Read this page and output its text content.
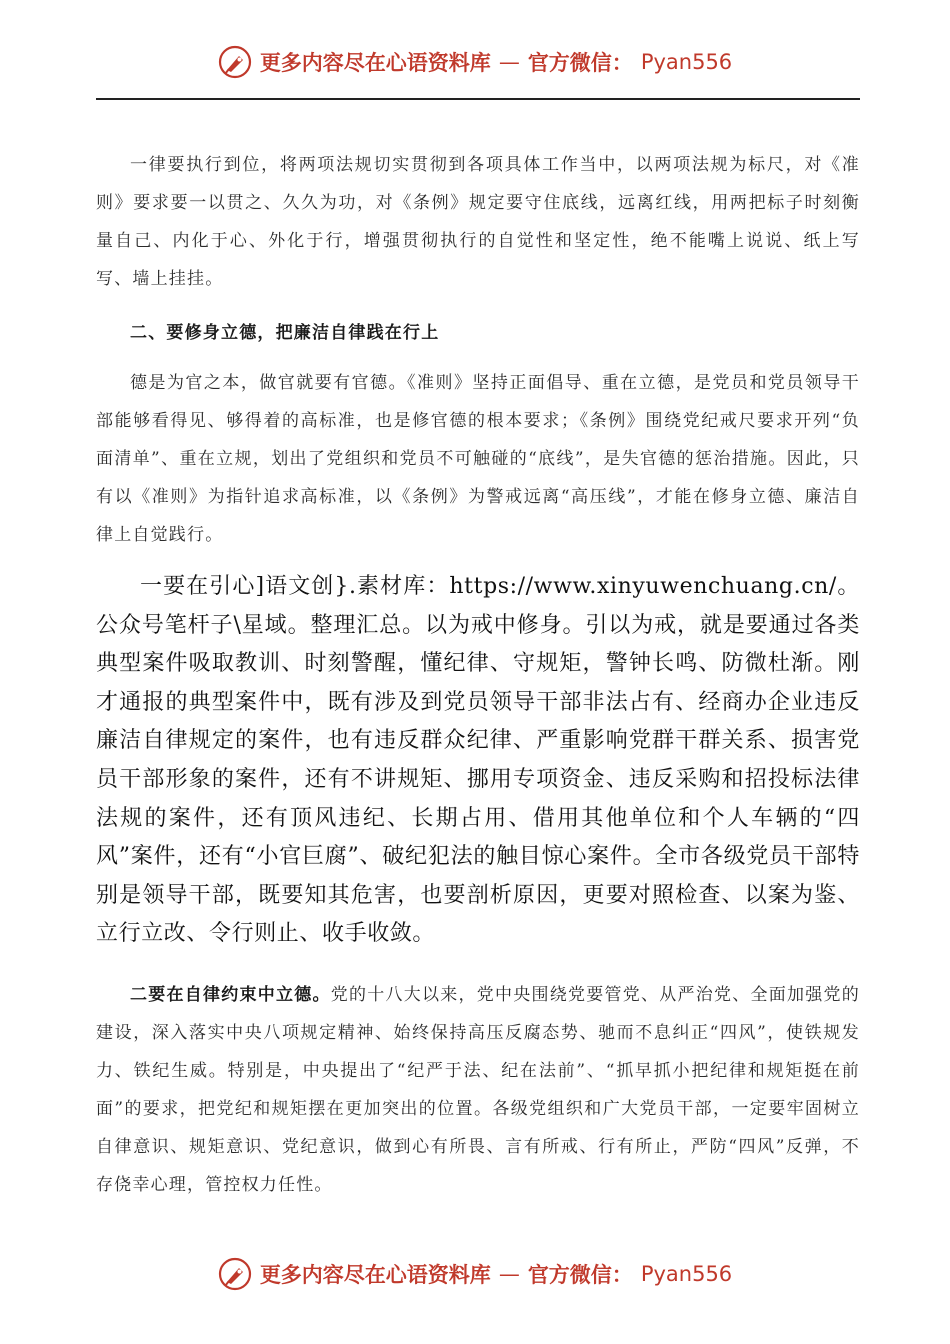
更多内容尽在心语资料库 — 官方微信： Pyan556

一律要执行到位，将两项法规切实贯彻到各项具体工作当中，以两项法规为标尺，对《准则》要求要一以贯之、久久为功，对《条例》规定要守住底线，远离红线，用两把标子时刻衡量自己、内化于心、外化于行，增强贯彻执行的自觉性和坚定性，绝不能嘴上说说、纸上写写、墙上挂挂。

二、要修身立德，把廉洁自律践在行上

德是为官之本，做官就要有官德。《准则》坚持正面倡导、重在立德，是党员和党员领导干部能够看得见、够得着的高标准，也是修官德的根本要求；《条例》围绕党纪戒尺要求开列“负面清单”、重在立规，划出了党组织和党员不可触碰的“底线”，是失官德的惩治措施。因此，只有以《准则》为指针追求高标准，以《条例》为警戒远离“高压线”，才能在修身立德、廉洁自律上自觉践行。

一要在引心]语文创}.素材库：https://www.xinyuwenchuang.cn/。公众号笔杆子\星域。整理汇总。以为戒中修身。引以为戒，就是要通过各类典型案件吸取教训、时刻警醒，懂纪律、守规矩，警钟长鸣、防微杜渐。刚才通报的典型案件中，既有涉及到党员领导干部非法占有、经商办企业违反廉洁自律规定的案件，也有违反群众纪律、严重影响党群干群关系、损害党员干部形象的案件，还有不讲规矩、挪用专项资金、违反采购和招投标法律法规的案件，还有顶风违纪、长期占用、借用其他单位和个人车辆的“四风”案件，还有“小官巨腐”、破纪犯法的触目惊心案件。全市各级党员干部特别是领导干部，既要知其危害，也要剖析原因，更要对照检查、以案为鉴、立行立改、令行则止、收手收敛。

二要在自律约束中立德。党的十八大以来，党中央围绕党要管党、从严治党、全面加强党的建设，深入落实中央八项规定精神、始终保持高压反腐态势、驰而不息纠正“四风”，使铁规发力、铁纪生威。特别是，中央提出了“纪严于法、纪在法前”、“抓早抓小把纪律和规矩挺在前面”的要求，把党纪和规矩摆在更加突出的位置。各级党组织和广大党员干部，一定要牢固树立自律意识、规矩意识、党纪意识，做到心有所畏、言有所戒、行有所止，严防“四风”反弹，不存侥幸心理，管控权力任性。

更多内容尽在心语资料库 — 官方微信： Pyan556
